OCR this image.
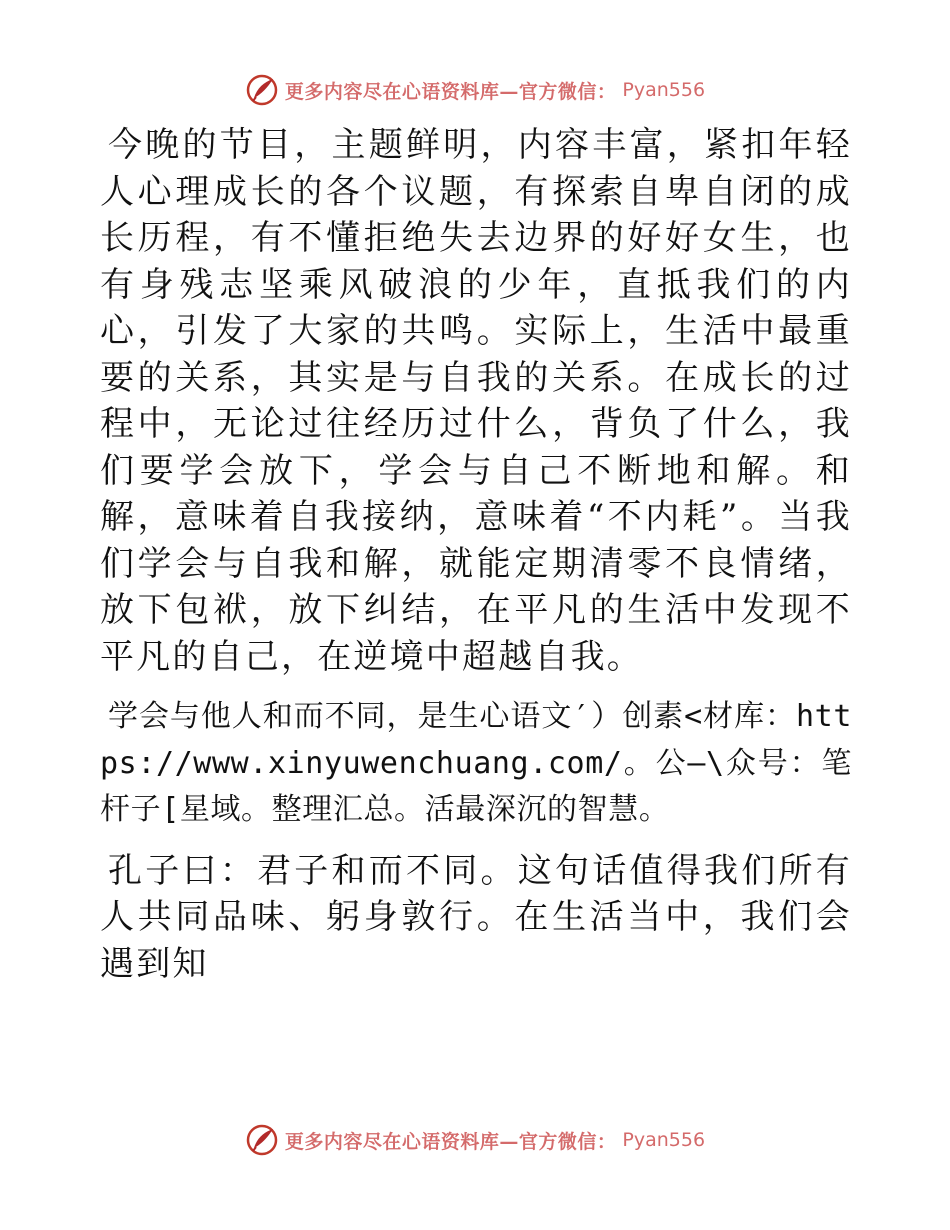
更多内容尽在心语资料库—官方微信： Pyan556

今晚的节目，主题鲜明，内容丰富，紧扣年轻人心理成长的各个议题，有探索自卑自闭的成长历程，有不懂拒绝失去边界的好好女生，也有身残志坚乘风破浪的少年，直抵我们的内心，引发了大家的共鸣。实际上，生活中最重要的关系，其实是与自我的关系。在成长的过程中，无论过往经历过什么，背负了什么，我们要学会放下，学会与自己不断地和解。和解，意味着自我接纳，意味着“不内耗”。当我们学会与自我和解，就能定期清零不良情绪，放下包袱，放下纠结，在平凡的生活中发现不平凡的自己，在逆境中超越自我。

学会与他人和而不同，是生心语文′）创素<材库：https://www.xinyuwenchuang.com/。公—\众号：笔杆子[星域。整理汇总。活最深沉的智慧。

孔子曰：君子和而不同。这句话值得我们所有人共同品味、躬身敦行。在生活当中，我们会遇到知

更多内容尽在心语资料库—官方微信： Pyan556
